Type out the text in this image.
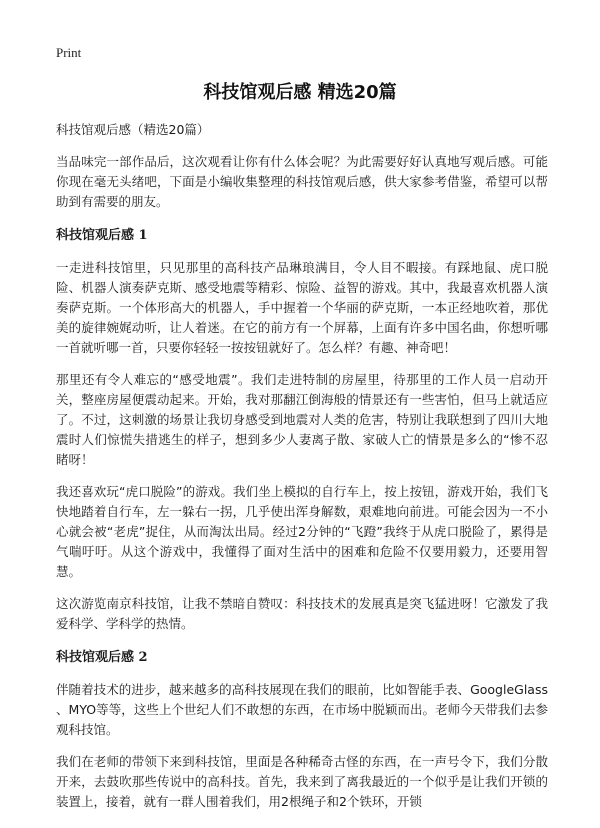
Print
科技馆观后感 精选20篇
科技馆观后感（精选20篇）

当品味完一部作品后，这次观看让你有什么体会呢？为此需要好好认真地写观后感。可能你现在毫无头绪吧，下面是小编收集整理的科技馆观后感，供大家参考借鉴，希望可以帮助到有需要的朋友。

科技馆观后感 1

一走进科技馆里，只见那里的高科技产品琳琅满目，令人目不暇接。有踩地鼠、虎口脱险、机器人演奏萨克斯、感受地震等精彩、惊险、益智的游戏。其中，我最喜欢机器人演奏萨克斯。一个体形高大的机器人，手中握着一个华丽的萨克斯，一本正经地吹着，那优美的旋律婉娓动听，让人着迷。在它的前方有一个屏幕，上面有许多中国名曲，你想听哪一首就听哪一首，只要你轻轻一按按钮就好了。怎么样？有趣、神奇吧！

那里还有令人难忘的“感受地震”。我们走进特制的房屋里，待那里的工作人员一启动开关，整座房屋便震动起来。开始，我对那翻江倒海般的情景还有一些害怕，但马上就适应了。不过，这刺激的场景让我切身感受到地震对人类的危害，特别让我联想到了四川大地震时人们惊慌失措逃生的样子，想到多少人妻离子散、家破人亡的情景是多么的“惨不忍睹呀！

我还喜欢玩“虎口脱险”的游戏。我们坐上模拟的自行车上，按上按钮，游戏开始，我们飞快地踏着自行车，左一躲右一拐，几乎使出浑身解数，艰难地向前进。可能会因为一不小心就会被“老虎”捉住，从而淘汰出局。经过2分钟的“飞蹬”我终于从虎口脱险了，累得是气喘吁吁。从这个游戏中，我懂得了面对生活中的困难和危险不仅要用毅力，还要用智慧。

这次游览南京科技馆，让我不禁暗自赞叹：科技技术的发展真是突飞猛进呀！它激发了我爱科学、学科学的热情。

科技馆观后感 2

伴随着技术的进步，越来越多的高科技展现在我们的眼前，比如智能手表、GoogleGlass 、MYO等等，这些上个世纪人们不敢想的东西，在市场中脱颖而出。老师今天带我们去参观科技馆。

我们在老师的带领下来到科技馆，里面是各种稀奇古怪的东西，在一声号令下，我们分散开来，去鼓吹那些传说中的高科技。首先，我来到了离我最近的一个似乎是让我们开锁的装置上，接着，就有一群人围着我们，用2根绳子和2个铁环，开锁
